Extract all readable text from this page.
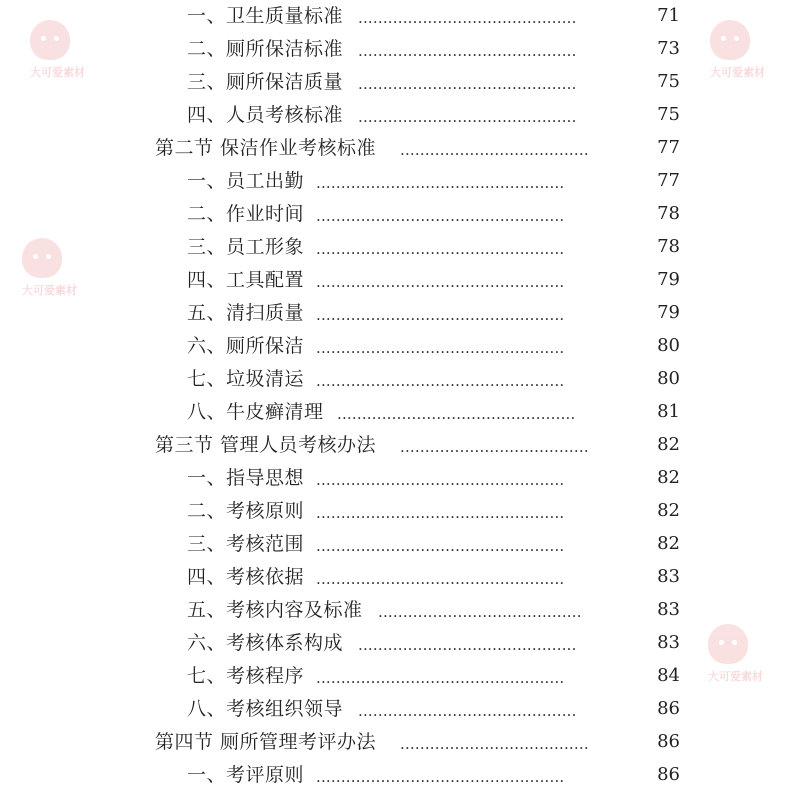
一、卫生质量标准 ............................................	71
二、厕所保洁标准 ............................................	73
三、厕所保洁质量 ............................................	75
四、人员考核标准 ............................................	75
第二节 保洁作业考核标准 ......................................	77
一、员工出勤 ..................................................	77
二、作业时间 ..................................................	78
三、员工形象 ..................................................	78
四、工具配置 ..................................................	79
五、清扫质量 ..................................................	79
六、厕所保洁 ..................................................	80
七、垃圾清运 ..................................................	80
八、牛皮癣清理 ................................................	81
第三节 管理人员考核办法 ......................................	82
一、指导思想 ..................................................	82
二、考核原则 ..................................................	82
三、考核范围 ..................................................	82
四、考核依据 ..................................................	83
五、考核内容及标准 .........................................	83
六、考核体系构成 ............................................	83
七、考核程序 ..................................................	84
八、考核组织领导 ............................................	86
第四节 厕所管理考评办法 ......................................	86
一、考评原则 ..................................................	86
大可爱素材	大可爱素材
大可爱素材
大可爱素材
